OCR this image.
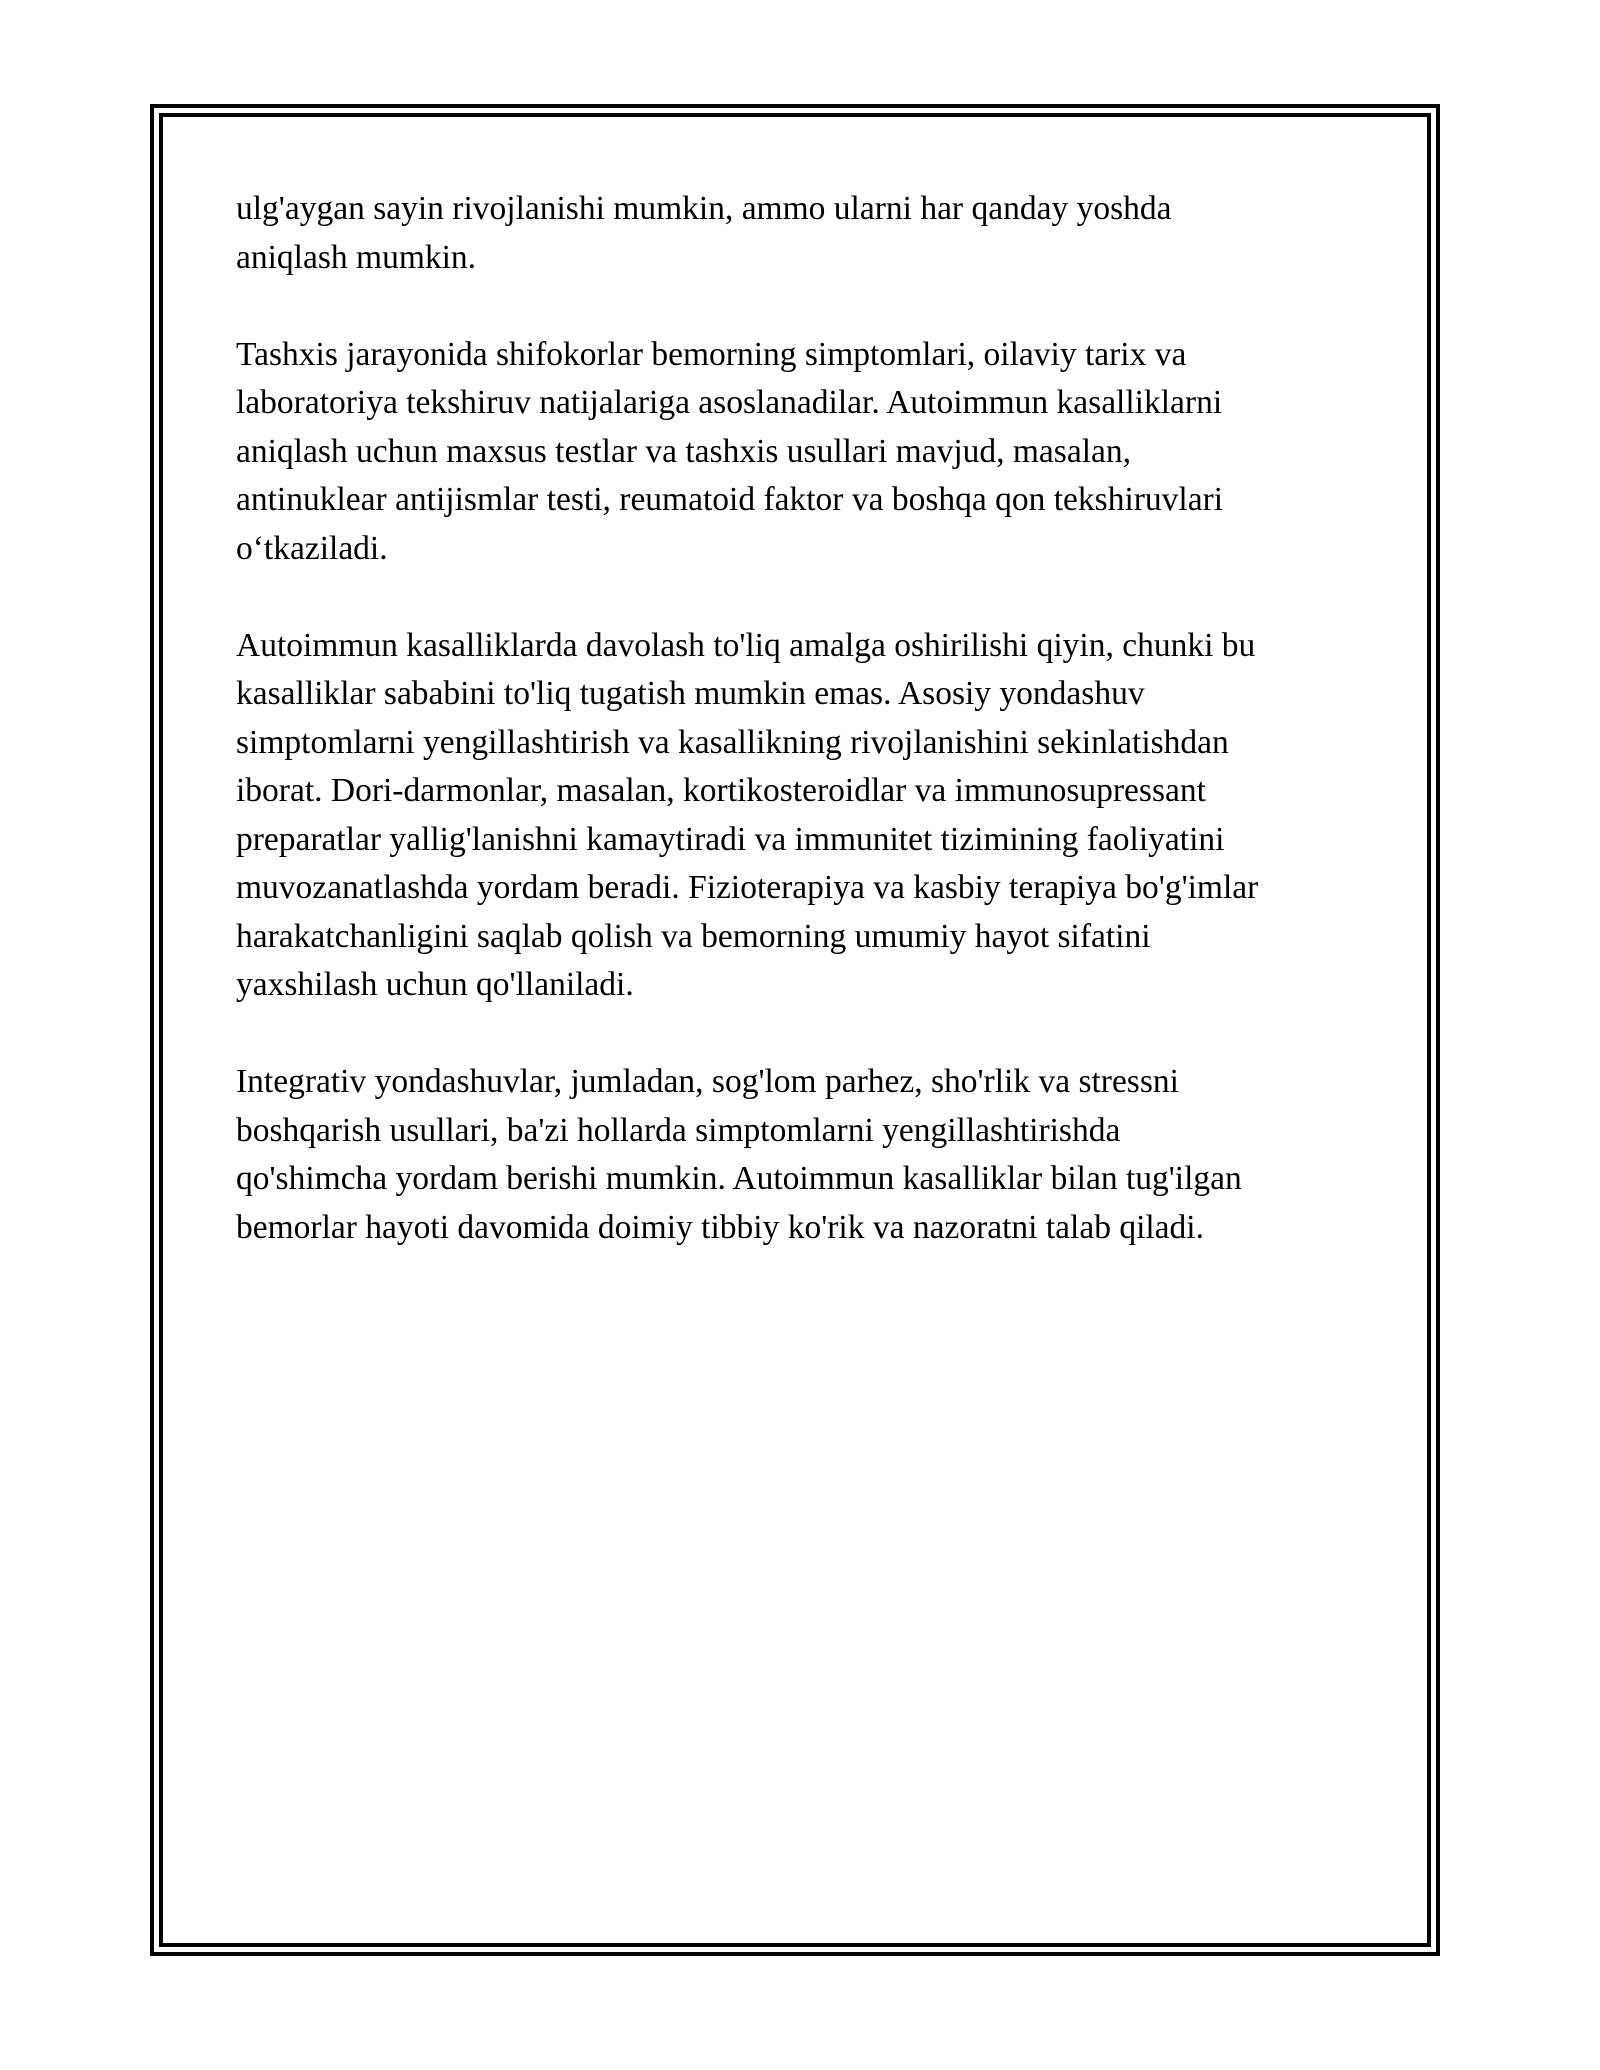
ulg'aygan sayin rivojlanishi mumkin, ammo ularni har qanday yoshda
aniqlash mumkin.

Tashxis jarayonida shifokorlar bemorning simptomlari, oilaviy tarix va
laboratoriya tekshiruv natijalariga asoslanadilar. Autoimmun kasalliklarni
aniqlash uchun maxsus testlar va tashxis usullari mavjud, masalan,
antinuklear antijismlar testi, reumatoid faktor va boshqa qon tekshiruvlari
o‘tkaziladi.

Autoimmun kasalliklarda davolash to'liq amalga oshirilishi qiyin, chunki bu
kasalliklar sababini to'liq tugatish mumkin emas. Asosiy yondashuv
simptomlarni yengillashtirish va kasallikning rivojlanishini sekinlatishdan
iborat. Dori-darmonlar, masalan, kortikosteroidlar va immunosupressant
preparatlar yallig'lanishni kamaytiradi va immunitet tizimining faoliyatini
muvozanatlashda yordam beradi. Fizioterapiya va kasbiy terapiya bo'g'imlar
harakatchanligini saqlab qolish va bemorning umumiy hayot sifatini
yaxshilash uchun qo'llaniladi.

Integrativ yondashuvlar, jumladan, sog'lom parhez, sho'rlik va stressni
boshqarish usullari, ba'zi hollarda simptomlarni yengillashtirishda
qo'shimcha yordam berishi mumkin. Autoimmun kasalliklar bilan tug'ilgan
bemorlar hayoti davomida doimiy tibbiy ko'rik va nazoratni talab qiladi.
